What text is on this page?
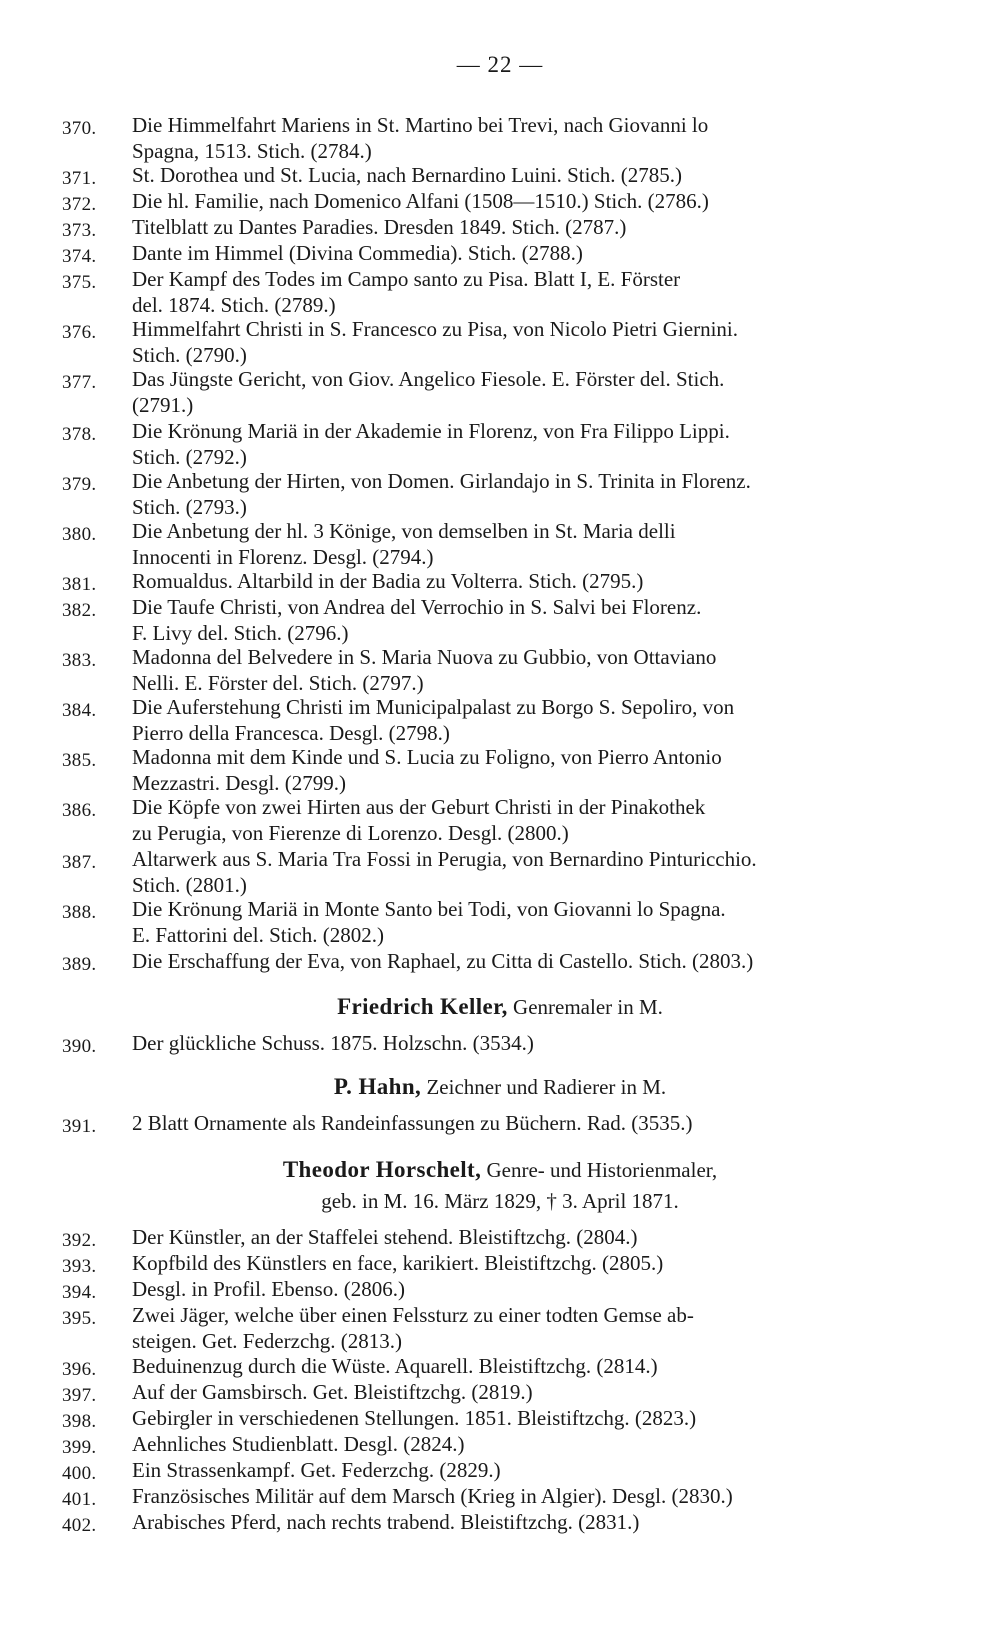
— 22 —
370.	Die Himmelfahrt Mariens in St. Martino bei Trevi, nach Giovanni lo
Spagna, 1513. Stich. (2784.)
371.	St. Dorothea und St. Lucia, nach Bernardino Luini. Stich. (2785.)
372.	Die hl. Familie, nach Domenico Alfani (1508—1510.) Stich. (2786.)
373.	Titelblatt zu Dantes Paradies. Dresden 1849. Stich. (2787.)
374.	Dante im Himmel (Divina Commedia). Stich. (2788.)
375.	Der Kampf des Todes im Campo santo zu Pisa. Blatt I, E. Förster
del. 1874. Stich. (2789.)
376.	Himmelfahrt Christi in S. Francesco zu Pisa, von Nicolo Pietri Giernini.
Stich. (2790.)
377.	Das Jüngste Gericht, von Giov. Angelico Fiesole. E. Förster del. Stich.
(2791.)
378.	Die Krönung Mariä in der Akademie in Florenz, von Fra Filippo Lippi.
Stich. (2792.)
379.	Die Anbetung der Hirten, von Domen. Girlandajo in S. Trinita in Florenz.
Stich. (2793.)
380.	Die Anbetung der hl. 3 Könige, von demselben in St. Maria delli
Innocenti in Florenz. Desgl. (2794.)
381.	Romualdus. Altarbild in der Badia zu Volterra. Stich. (2795.)
382.	Die Taufe Christi, von Andrea del Verrochio in S. Salvi bei Florenz.
F. Livy del. Stich. (2796.)
383.	Madonna del Belvedere in S. Maria Nuova zu Gubbio, von Ottaviano
Nelli. E. Förster del. Stich. (2797.)
384.	Die Auferstehung Christi im Municipalpalast zu Borgo S. Sepoliro, von
Pierro della Francesca. Desgl. (2798.)
385.	Madonna mit dem Kinde und S. Lucia zu Foligno, von Pierro Antonio
Mezzastri. Desgl. (2799.)
386.	Die Köpfe von zwei Hirten aus der Geburt Christi in der Pinakothek
zu Perugia, von Fierenze di Lorenzo. Desgl. (2800.)
387.	Altarwerk aus S. Maria Tra Fossi in Perugia, von Bernardino Pinturicchio.
Stich. (2801.)
388.	Die Krönung Mariä in Monte Santo bei Todi, von Giovanni lo Spagna.
E. Fattorini del. Stich. (2802.)
389.	Die Erschaffung der Eva, von Raphael, zu Citta di Castello. Stich. (2803.)
Friedrich Keller, Genremaler in M.
390.	Der glückliche Schuss. 1875. Holzschn. (3534.)
P. Hahn, Zeichner und Radierer in M.
391.	2 Blatt Ornamente als Randeinfassungen zu Büchern. Rad. (3535.)
Theodor Horschelt, Genre- und Historienmaler,
geb. in M. 16. März 1829, † 3. April 1871.
392.	Der Künstler, an der Staffelei stehend. Bleistiftzchg. (2804.)
393.	Kopfbild des Künstlers en face, karikiert. Bleistiftzchg. (2805.)
394.	Desgl. in Profil. Ebenso. (2806.)
395.	Zwei Jäger, welche über einen Felssturz zu einer todten Gemse ab-
steigen. Get. Federzchg. (2813.)
396.	Beduinenzug durch die Wüste. Aquarell. Bleistiftzchg. (2814.)
397.	Auf der Gamsbirsch. Get. Bleistiftzchg. (2819.)
398.	Gebirgler in verschiedenen Stellungen. 1851. Bleistiftzchg. (2823.)
399.	Aehnliches Studienblatt. Desgl. (2824.)
400.	Ein Strassenkampf. Get. Federzchg. (2829.)
401.	Französisches Militär auf dem Marsch (Krieg in Algier). Desgl. (2830.)
402.	Arabisches Pferd, nach rechts trabend. Bleistiftzchg. (2831.)
